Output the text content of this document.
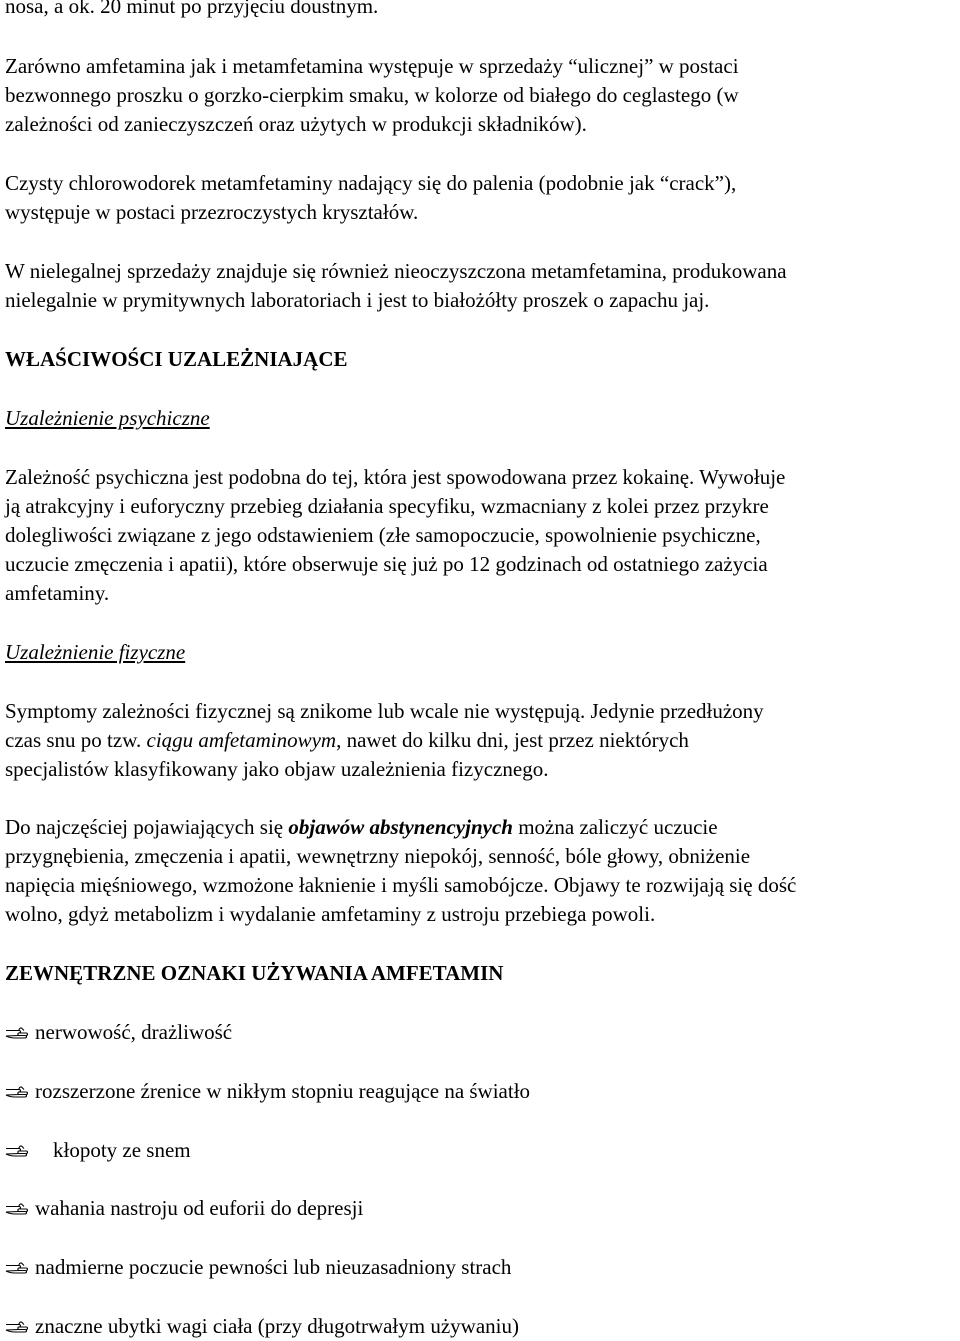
nosa, a ok. 20 minut po przyjęciu doustnym.

Zarówno amfetamina jak i metamfetamina występuje w sprzedaży “ulicznej” w postaci
bezwonnego proszku o gorzko-cierpkim smaku, w kolorze od białego do ceglastego (w
zależności od zanieczyszczeń oraz użytych w produkcji składników).
Czysty chlorowodorek metamfetaminy nadający się do palenia (podobnie jak “crack”),
występuje w postaci przezroczystych kryształów.
W nielegalnej sprzedaży znajduje się również nieoczyszczona metamfetamina, produkowana
nielegalnie w prymitywnych laboratoriach i jest to białożółty proszek o zapachu jaj.
WŁAŚCIWOŚCI UZALEŻNIAJĄCE
Uzależnienie psychiczne
Zależność psychiczna jest podobna do tej, która jest spowodowana przez kokainę. Wywołuje
ją atrakcyjny i euforyczny przebieg działania specyfiku, wzmacniany z kolei przez przykre
dolegliwości związane z jego odstawieniem (złe samopoczucie, spowolnienie psychiczne,
uczucie zmęczenia i apatii), które obserwuje się już po 12 godzinach od ostatniego zażycia
amfetaminy.
Uzależnienie fizyczne
Symptomy zależności fizycznej są znikome lub wcale nie występują. Jedynie przedłużony
czas snu po tzw. ciągu amfetaminowym, nawet do kilku dni, jest przez niektórych
specjalistów klasyfikowany jako objaw uzależnienia fizycznego.
Do najczęściej pojawiających się objawów abstynencyjnych można zaliczyć uczucie
przygnębienia, zmęczenia i apatii, wewnętrzny niepokój, senność, bóle głowy, obniżenie
napięcia mięśniowego, wzmożone łaknienie i myśli samobójcze. Objawy te rozwijają się dość
wolno, gdyż metabolizm i wydalanie amfetaminy z ustroju przebiega powoli.
ZEWNĘTRZNE OZNAKI UŻYWANIA AMFETAMIN
nerwowość, drażliwość
rozszerzone źrenice w nikłym stopniu reagujące na światło
kłopoty ze snem
wahania nastroju od euforii do depresji
nadmierne poczucie pewności lub nieuzasadniony strach
znaczne ubytki wagi ciała (przy długotrwałym używaniu)
